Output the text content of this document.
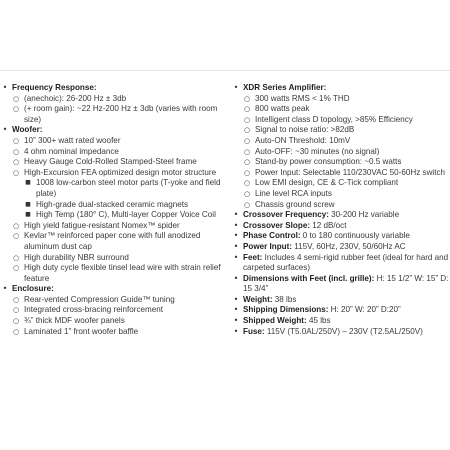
• Frequency Response:
○ (anechoic): 26-200 Hz ± 3db
○ (+ room gain): ~22 Hz-200 Hz ± 3db (varies with room size)
• Woofer:
○ 10” 300+ watt rated woofer
○ 4 ohm nominal impedance
○ Heavy Gauge Cold-Rolled Stamped-Steel frame
○ High-Excursion FEA optimized design motor structure
■ 1008 low-carbon steel motor parts (T-yoke and field plate)
■ High-grade dual-stacked ceramic magnets
■ High Temp (180° C), Multi-layer Copper Voice Coil
○ High yield fatigue-resistant Nomex™ spider
○ Kevlar™ reinforced paper cone with full anodized aluminum dust cap
○ High durability NBR surround
○ High duty cycle flexible tinsel lead wire with strain relief feature
• Enclosure:
○ Rear-vented Compression Guide™ tuning
○ Integrated cross-bracing reinforcement
○ ¾” thick MDF woofer panels
○ Laminated 1” front woofer baffle
• XDR Series Amplifier:
○ 300 watts RMS < 1% THD
○ 800 watts peak
○ Intelligent class D topology, >85% Efficiency
○ Signal to noise ratio: >82dB
○ Auto-ON Threshold: 10mV
○ Auto-OFF: ~30 minutes (no signal)
○ Stand-by power consumption: ~0.5 watts
○ Power Input: Selectable 110/230VAC 50-60Hz switch
○ Low EMI design, CE & C-Tick compliant
○ Line level RCA inputs
○ Chassis ground screw
• Crossover Frequency: 30-200 Hz variable
• Crossover Slope: 12 dB/oct
• Phase Control: 0 to 180 continuously variable
• Power Input: 115V, 60Hz, 230V, 50/60Hz AC
• Feet: Includes 4 semi-rigid rubber feet (ideal for hard and carpeted surfaces)
• Dimensions with Feet (incl. grille): H: 15 1/2” W: 15” D: 15 3/4”
• Weight: 38 lbs
• Shipping Dimensions: H: 20” W: 20” D:20”
• Shipped Weight: 45 lbs
• Fuse: 115V (T5.0AL/250V) – 230V (T2.5AL/250V)
